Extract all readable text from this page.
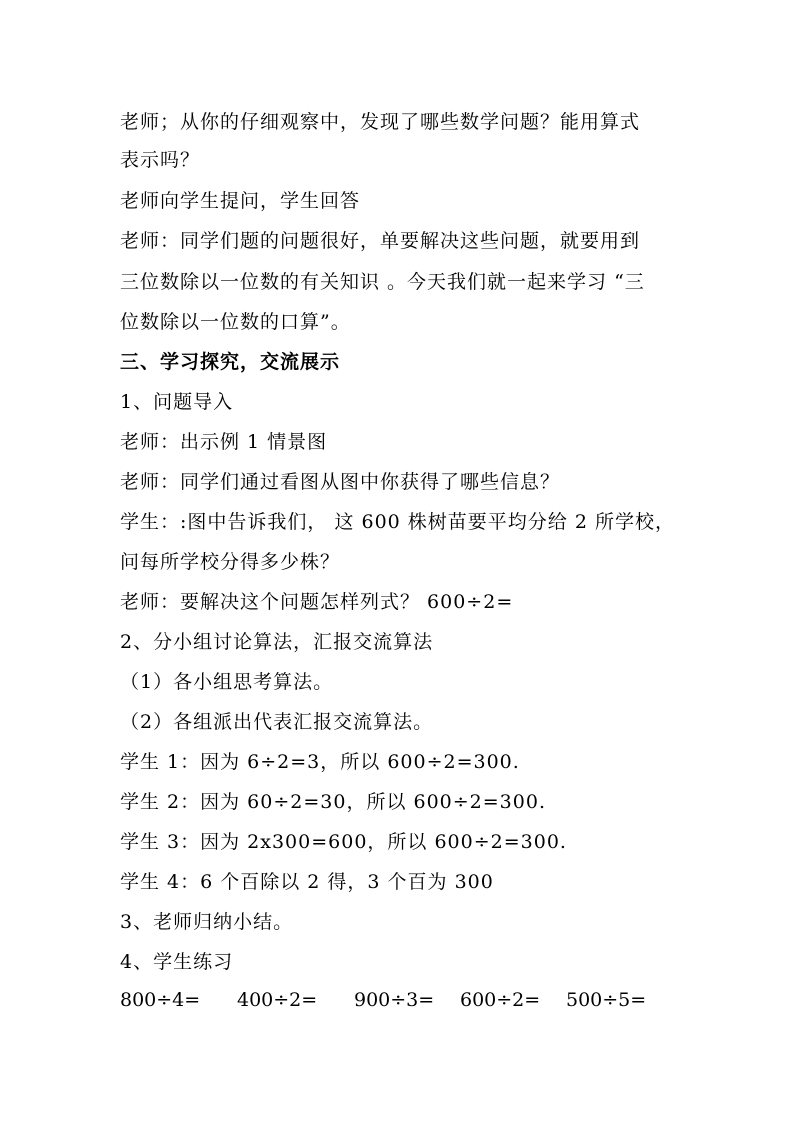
老师；从你的仔细观察中，发现了哪些数学问题？能用算式
表示吗？
老师向学生提问，学生回答
老师：同学们题的问题很好，单要解决这些问题，就要用到
三位数除以一位数的有关知识 。今天我们就一起来学习 “三
位数除以一位数的口算”。
三、学习探究，交流展示
1、问题导入
老师：出示例 1 情景图
老师：同学们通过看图从图中你获得了哪些信息？
学生：:图中告诉我们， 这 600 株树苗要平均分给 2 所学校，
问每所学校分得多少株？
老师：要解决这个问题怎样列式？ 600÷2=
2、分小组讨论算法，汇报交流算法
（1）各小组思考算法。
（2）各组派出代表汇报交流算法。
学生 1：因为 6÷2=3，所以 600÷2=300.
学生 2：因为 60÷2=30，所以 600÷2=300.
学生 3：因为 2x300=600，所以 600÷2=300.
学生 4：6 个百除以 2 得，3 个百为 300
3、老师归纳小结。
4、学生练习
800÷4= 400÷2= 900÷3= 600÷2= 500÷5=
